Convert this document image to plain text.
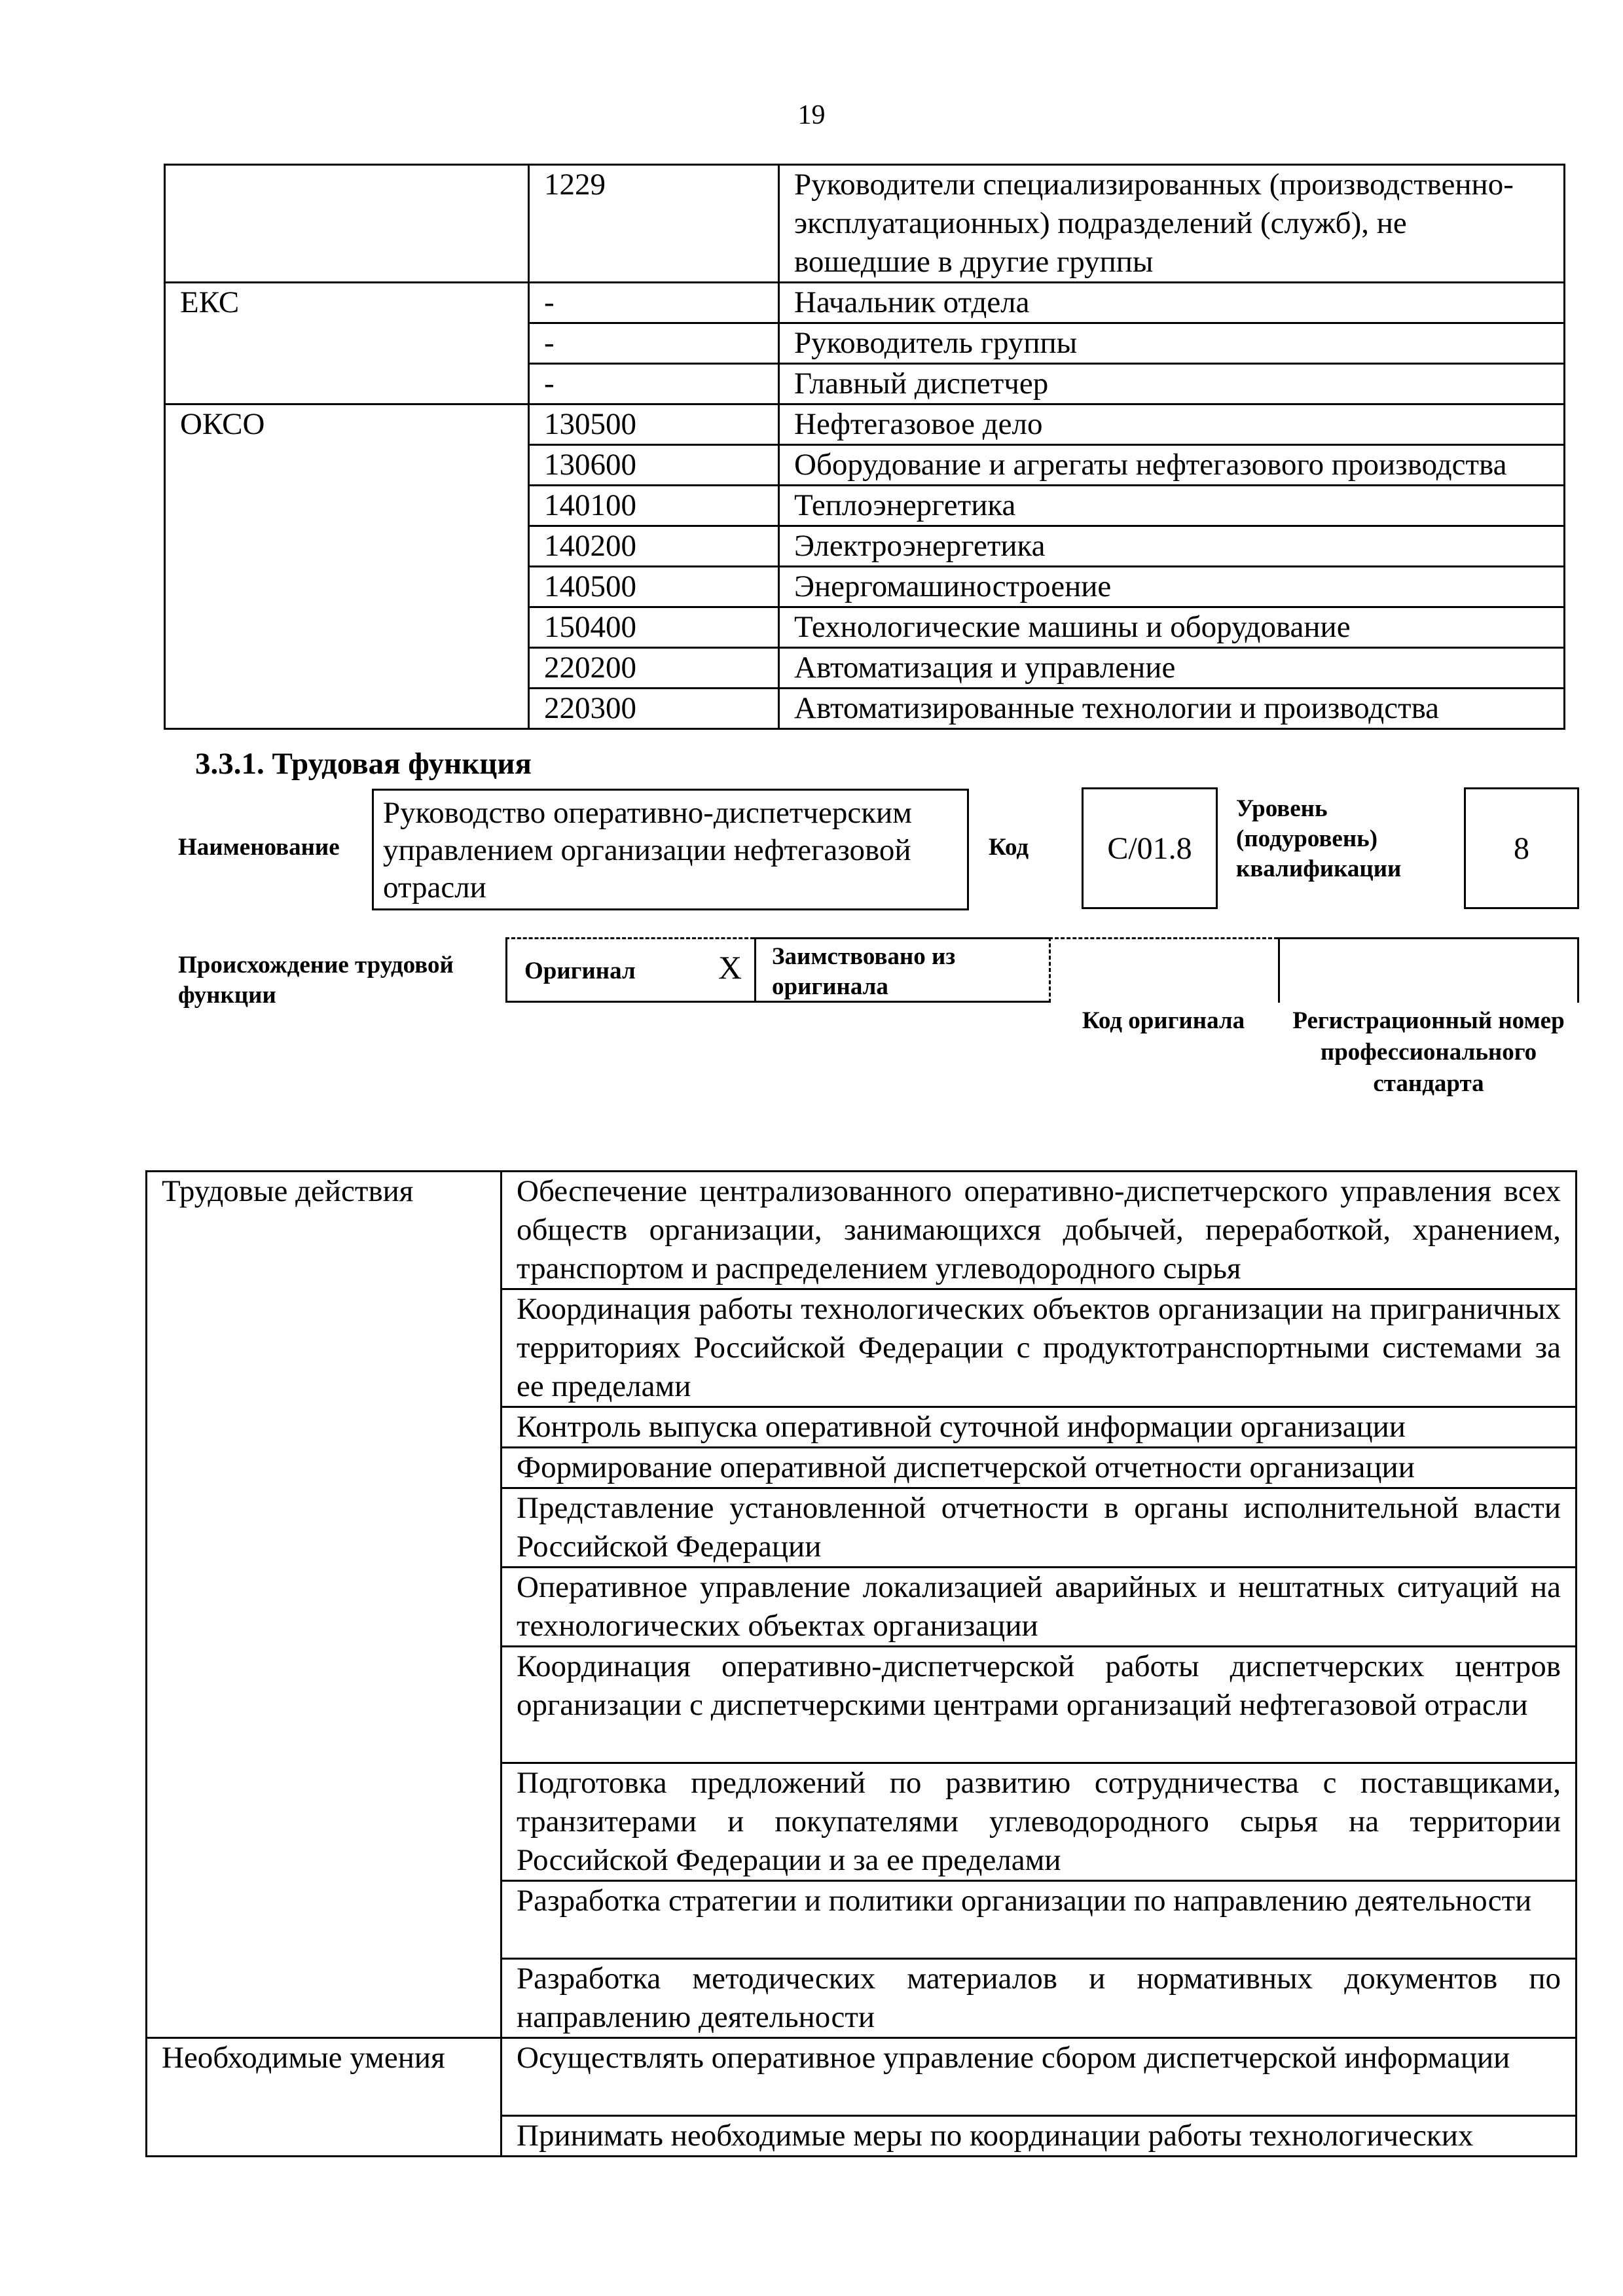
19
	1229	Руководители специализированных (производственно-эксплуатационных) подразделений (служб), не вошедшие в другие группы
ЕКС	-	Начальник отдела
	-	Руководитель группы
	-	Главный диспетчер
ОКСО	130500	Нефтегазовое дело
	130600	Оборудование и агрегаты нефтегазового производства
	140100	Теплоэнергетика
	140200	Электроэнергетика
	140500	Энергомашиностроение
	150400	Технологические машины и оборудование
	220200	Автоматизация и управление
	220300	Автоматизированные технологии и производства
3.3.1. Трудовая функция
Наименование
Руководство оперативно-диспетчерским управлением организации нефтегазовой отрасли
Код	C/01.8
Уровень (подуровень) квалификации
8
Происхождение трудовой функции
Оригинал	X Заимствовано из оригинала
Код оригинала	Регистрационный номер профессионального стандарта
Трудовые действия	Обеспечение централизованного оперативно-диспетчерского управления всех обществ организации, занимающихся добычей, переработкой, хранением, транспортом и распределением углеводородного сырья
	Координация работы технологических объектов организации на приграничных территориях Российской Федерации с продуктотранспортными системами за ее пределами
	Контроль выпуска оперативной суточной информации организации
	Формирование оперативной диспетчерской отчетности организации
	Представление установленной отчетности в органы исполнительной власти Российской Федерации
	Оперативное управление локализацией аварийных и нештатных ситуаций на технологических объектах организации
	Координация оперативно-диспетчерской работы диспетчерских центров организации с диспетчерскими центрами организаций нефтегазовой отрасли
	Подготовка предложений по развитию сотрудничества с поставщиками, транзитерами и покупателями углеводородного сырья на территории Российской Федерации и за ее пределами
	Разработка стратегии и политики организации по направлению деятельности
	Разработка методических материалов и нормативных документов по направлению деятельности
Необходимые умения	Осуществлять оперативное управление сбором диспетчерской информации
	Принимать необходимые меры по координации работы технологических
